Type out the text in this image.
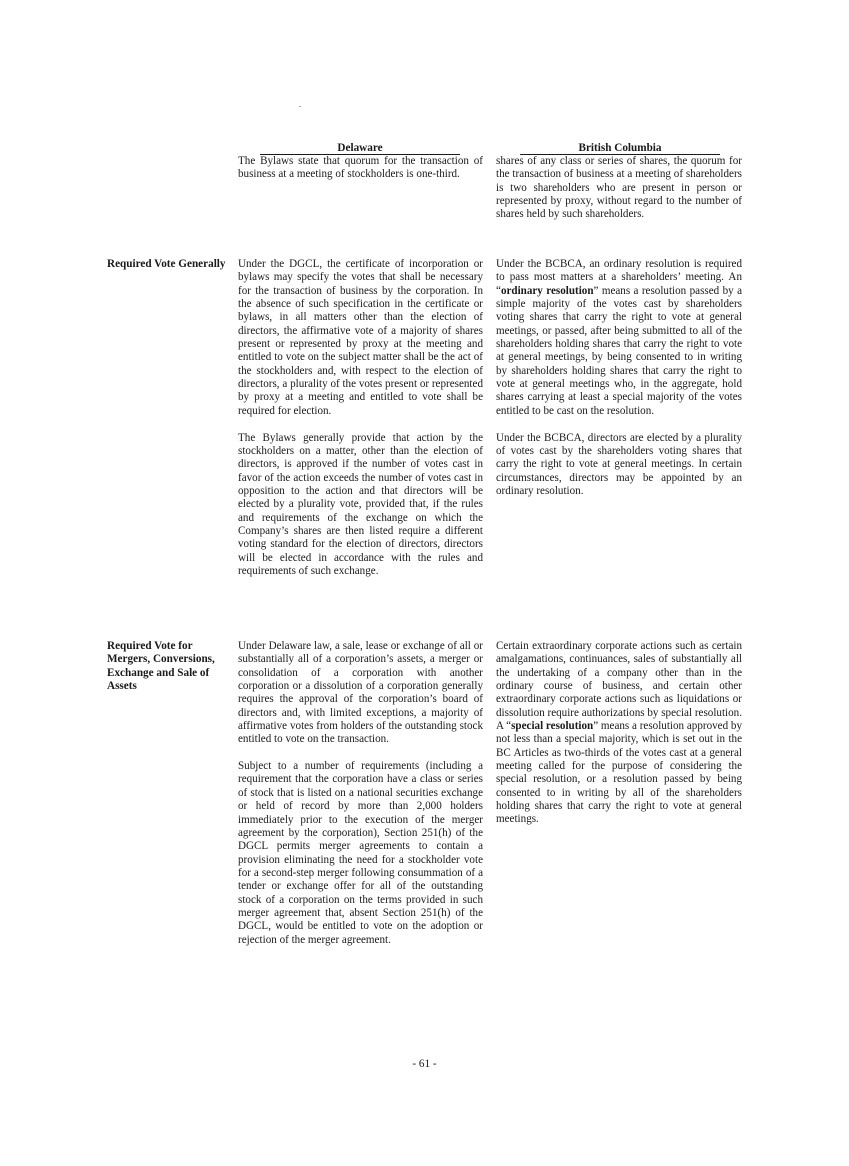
.
Delaware	British Columbia

The Bylaws state that quorum for the transaction of business at a meeting of stockholders is one-third.

shares of any class or series of shares, the quorum for the transaction of business at a meeting of shareholders is two shareholders who are present in person or represented by proxy, without regard to the number of shares held by such shareholders.

Required Vote Generally	Under the DGCL, the certificate of incorporation or bylaws may specify the votes that shall be necessary for the transaction of business by the corporation. In the absence of such specification in the certificate or bylaws, in all matters other than the election of directors, the affirmative vote of a majority of shares present or represented by proxy at the meeting and entitled to vote on the subject matter shall be the act of the stockholders and, with respect to the election of directors, a plurality of the votes present or represented by proxy at a meeting and entitled to vote shall be required for election.

The Bylaws generally provide that action by the stockholders on a matter, other than the election of directors, is approved if the number of votes cast in favor of the action exceeds the number of votes cast in opposition to the action and that directors will be elected by a plurality vote, provided that, if the rules and requirements of the exchange on which the Company’s shares are then listed require a different voting standard for the election of directors, directors will be elected in accordance with the rules and requirements of such exchange.

Under the BCBCA, an ordinary resolution is required to pass most matters at a shareholders’ meeting. An “ordinary resolution” means a resolution passed by a simple majority of the votes cast by shareholders voting shares that carry the right to vote at general meetings, or passed, after being submitted to all of the shareholders holding shares that carry the right to vote at general meetings, by being consented to in writing by shareholders holding shares that carry the right to vote at general meetings who, in the aggregate, hold shares carrying at least a special majority of the votes entitled to be cast on the resolution.

Under the BCBCA, directors are elected by a plurality of votes cast by the shareholders voting shares that carry the right to vote at general meetings. In certain circumstances, directors may be appointed by an ordinary resolution.

Required Vote for Mergers, Conversions, Exchange and Sale of Assets

Under Delaware law, a sale, lease or exchange of all or substantially all of a corporation’s assets, a merger or consolidation of a corporation with another corporation or a dissolution of a corporation generally requires the approval of the corporation’s board of directors and, with limited exceptions, a majority of affirmative votes from holders of the outstanding stock entitled to vote on the transaction.

Subject to a number of requirements (including a requirement that the corporation have a class or series of stock that is listed on a national securities exchange or held of record by more than 2,000 holders immediately prior to the execution of the merger agreement by the corporation), Section 251(h) of the DGCL permits merger agreements to contain a provision eliminating the need for a stockholder vote for a second-step merger following consummation of a tender or exchange offer for all of the outstanding stock of a corporation on the terms provided in such merger agreement that, absent Section 251(h) of the DGCL, would be entitled to vote on the adoption or rejection of the merger agreement.

Certain extraordinary corporate actions such as certain amalgamations, continuances, sales of substantially all the undertaking of a company other than in the ordinary course of business, and certain other extraordinary corporate actions such as liquidations or dissolution require authorizations by special resolution. A “special resolution” means a resolution approved by not less than a special majority, which is set out in the BC Articles as two-thirds of the votes cast at a general meeting called for the purpose of considering the special resolution, or a resolution passed by being consented to in writing by all of the shareholders holding shares that carry the right to vote at general meetings.

- 61 -
